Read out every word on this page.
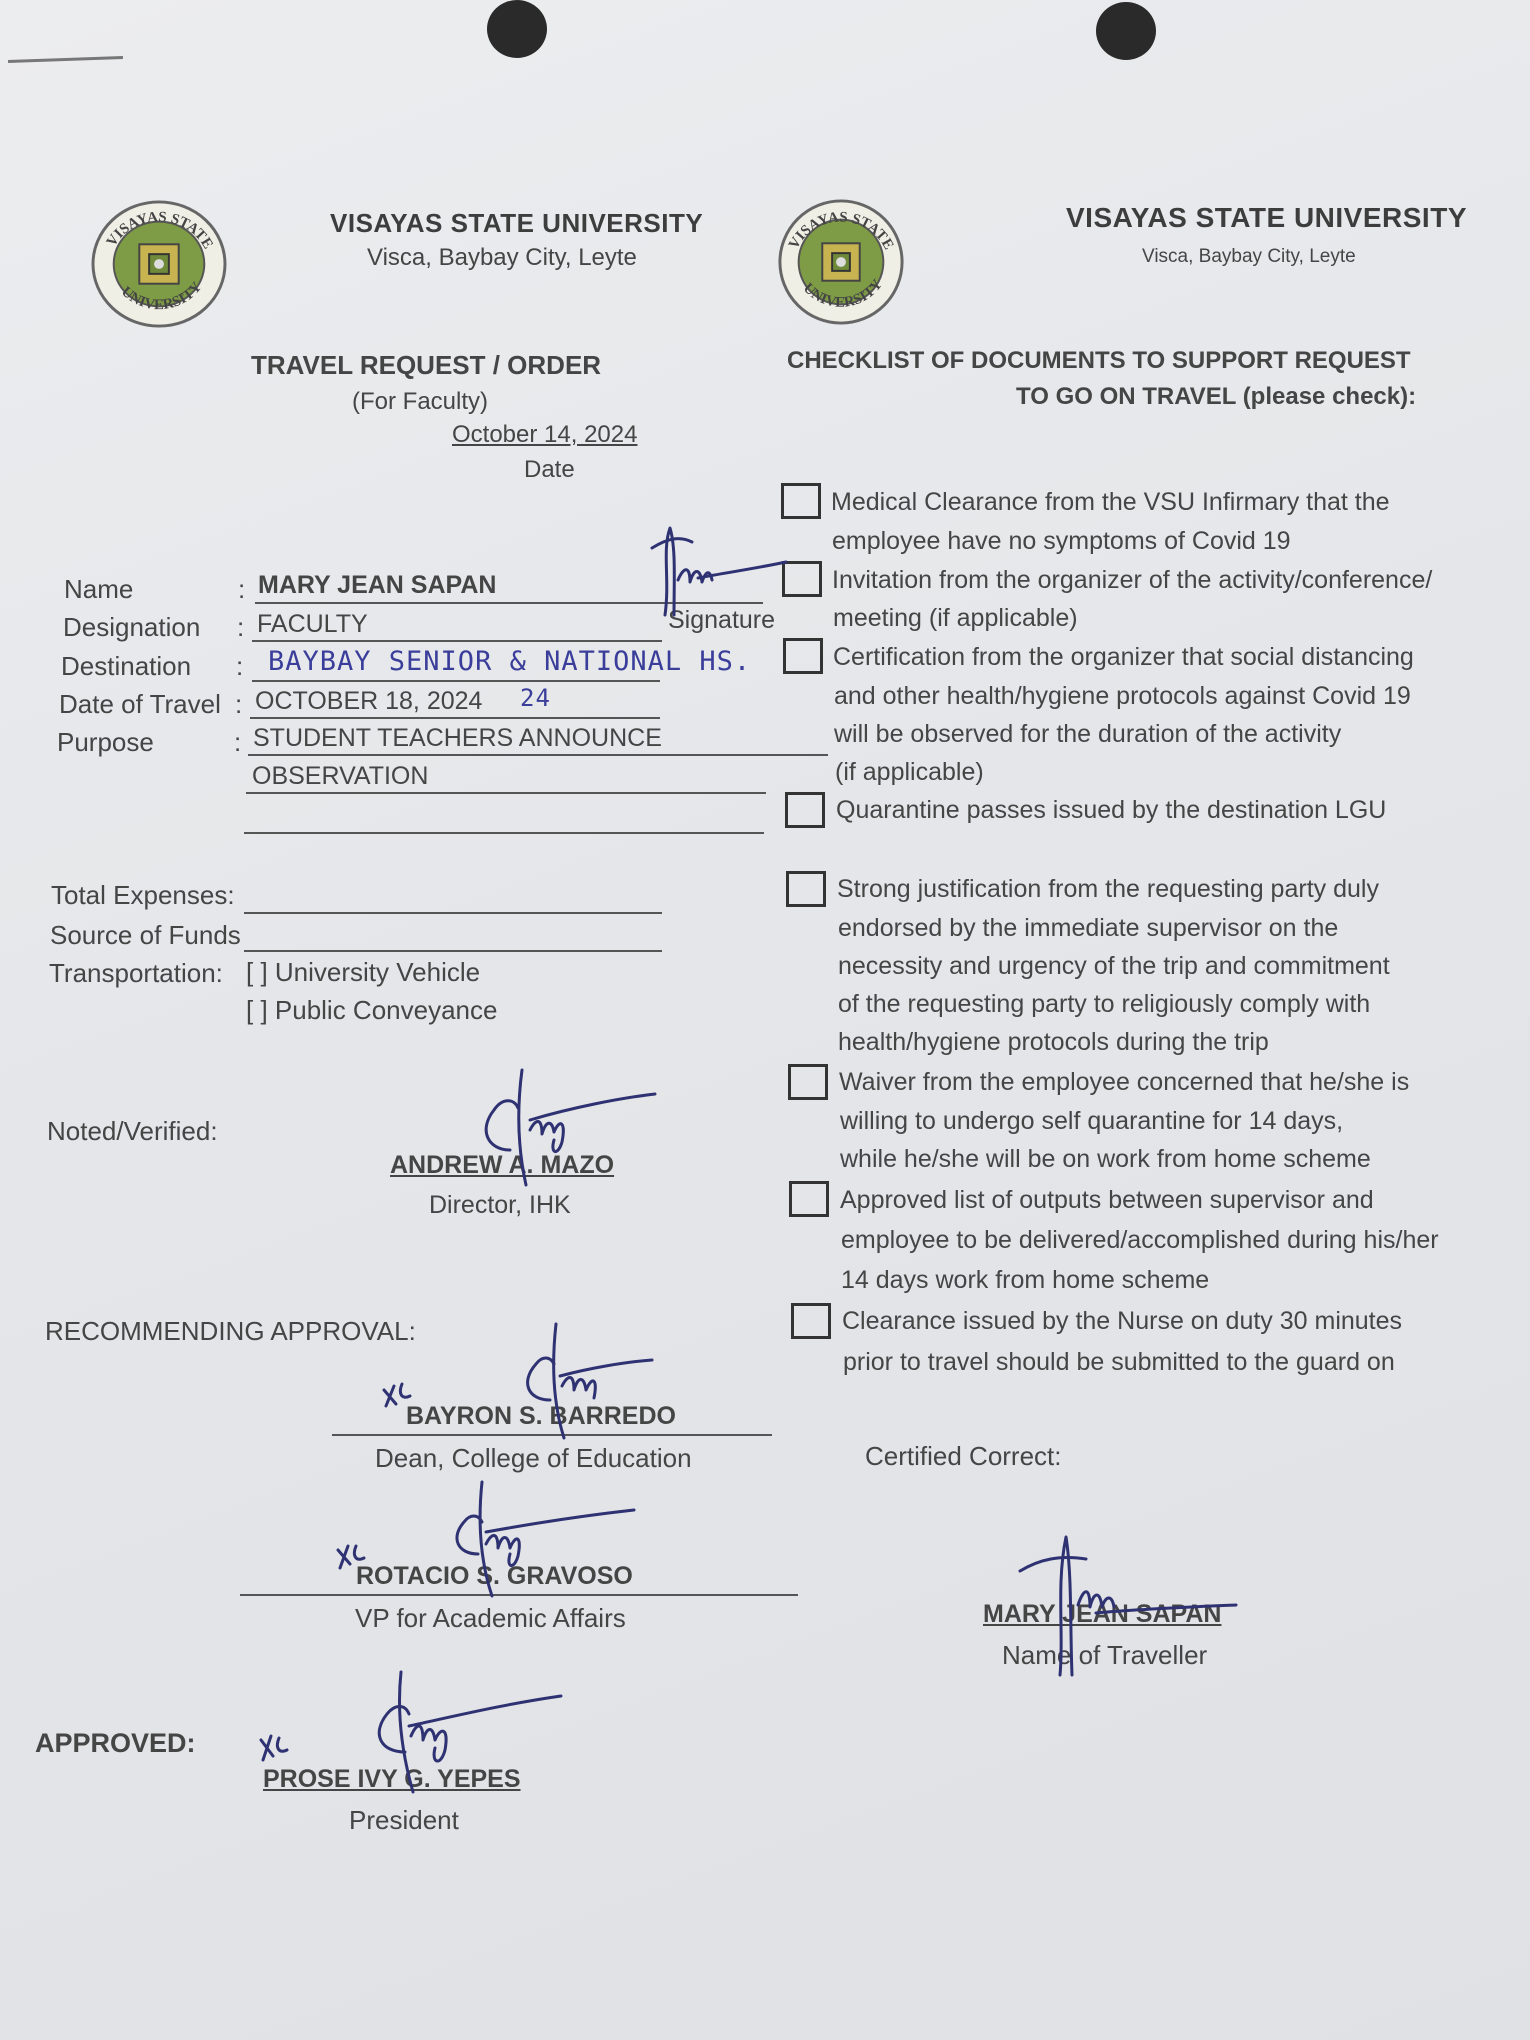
VISAYAS STATE
UNIVERSITY
VISAYAS STATE UNIVERSITY
Visca, Baybay City, Leyte
VISAYAS STATE
UNIVERSITY
VISAYAS STATE UNIVERSITY
Visca, Baybay City, Leyte
TRAVEL REQUEST / ORDER
(For Faculty)
October 14, 2024
Date
Name	: MARY JEAN SAPAN
Signature
Designation : FACULTY
Destination : BAYBAY SENIOR & NATIONAL HS.
Date of Travel : OCTOBER 18, 2024 24
Purpose	: STUDENT TEACHERS ANNOUNCE
OBSERVATION
Total Expenses:
Source of Funds
Transportation: [ ] University Vehicle
[ ] Public Conveyance
Noted/Verified:
ANDREW A. MAZO
Director, IHK
RECOMMENDING APPROVAL:
BAYRON S. BARREDO
Dean, College of Education
ROTACIO S. GRAVOSO
VP for Academic Affairs
APPROVED:
PROSE IVY G. YEPES
President
Certified Correct:
MARY JEAN SAPAN
Name of Traveller
CHECKLIST OF DOCUMENTS TO SUPPORT REQUEST
TO GO ON TRAVEL (please check):
Medical Clearance from the VSU Infirmary that the
employee have no symptoms of Covid 19
Invitation from the organizer of the activity/conference/
meeting (if applicable)
Certification from the organizer that social distancing
and other health/hygiene protocols against Covid 19
will be observed for the duration of the activity
(if applicable)
Quarantine passes issued by the destination LGU
Strong justification from the requesting party duly
endorsed by the immediate supervisor on the
necessity and urgency of the trip and commitment
of the requesting party to religiously comply with
health/hygiene protocols during the trip
Waiver from the employee concerned that he/she is
willing to undergo self quarantine for 14 days,
while he/she will be on work from home scheme
Approved list of outputs between supervisor and
employee to be delivered/accomplished during his/her
14 days work from home scheme
Clearance issued by the Nurse on duty 30 minutes
prior to travel should be submitted to the guard on
